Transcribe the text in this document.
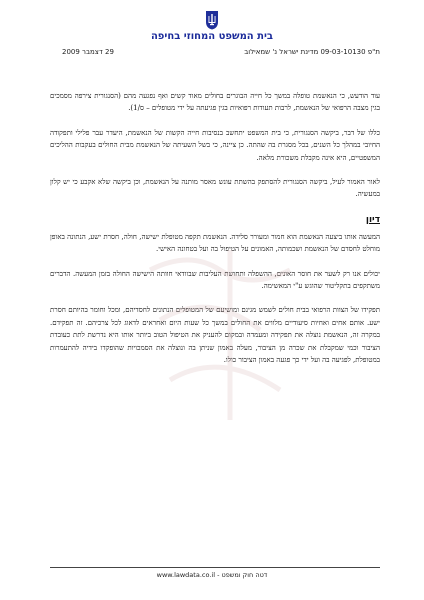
בית המשפט המחוזי בחיפה
ת"פ 09-03-10130 מדינת ישראל נ' שמאילוב
29 דצמבר 2009

עוד הודעש, כי הנאשמת טופלה במשך כל חייה הבוגרים בחולים מאוד קשים ואף נפגעה מהם (הסנגורית צירפה מסמכים בגין מצבה הרפואי של הנאשמת, לרבות תעודות רפואיות בגין פגיעתה על ידי מטופלים – ס/1).

כללו של דבר, ביקשה הסנגורית, כי בית המשפט יתחשב בנסיבות חייה הקשות של הנאשמת, היעדר עבר פלילי ותפקודה החיובי במהלך כל השנים, בכל מסגרת בה שהתה. כן ציינה, כי בשל השעיתה של הנאשמת מבית החולים בעקבות ההליכים המשפטיים, היא אינה מקבלת משכורת מלאה.

לאור האמור לעיל, ביקשה הסנגורית להסתפק בהשתת עונש מאסר מותנה על הנאשמת, וכן ביקשה שלא אקבע כי יש קלון במעשיה.

דיון

המעשה אותו ביצעה הנאשמת הוא חמור ומעורר סלידה. הנאשמת תקפה מטופלת ישישה, חולה, חסרת ישע, הנתונה באופן מוחלט לחסדם של הנאשמת ושכמותה, האמונים על הטיפול בה ועל בטחונה האישי.

יכולים אנו רק לשער את חוסר האונים, ההשפלה ותחושת העליבות שבוודאי חוותה הישישה החולה בזמן המעשה. הדברים משתקפים בתקליטור שהוגש ע"י המאשימה.

תפקידו של הצוות הרפואי בבית חולים לשמש מגינם ומושיעם של המטופלים הנתונים לחסדיהם, ומכל וחומר בהיותם חסרת ישע. אותם אחים ואחיות סיעודיים מלווים את החולים במשך כל שעות היום ואחראים לדאוג לכל צרכיהם. זה תפקידם. במקרה זה, הנאשמת נוצלה את תפקידה ומעמדה ובמקום להעניק את הטיפול הטוב ביותר אותו היא נדרשת לתת כעובדת הציבור וכמי שמקבלת את שכרה מן הציבור, מעלה באמון שניתן בה ונוצלה את הסמכויות שהופקדו בידיה להתעמרות במטופלת, לפגיעה בה ועל ידי כך פגעה באמון הציבור כולו.

דטה חוק ומשפט - www.lawdata.co.il
